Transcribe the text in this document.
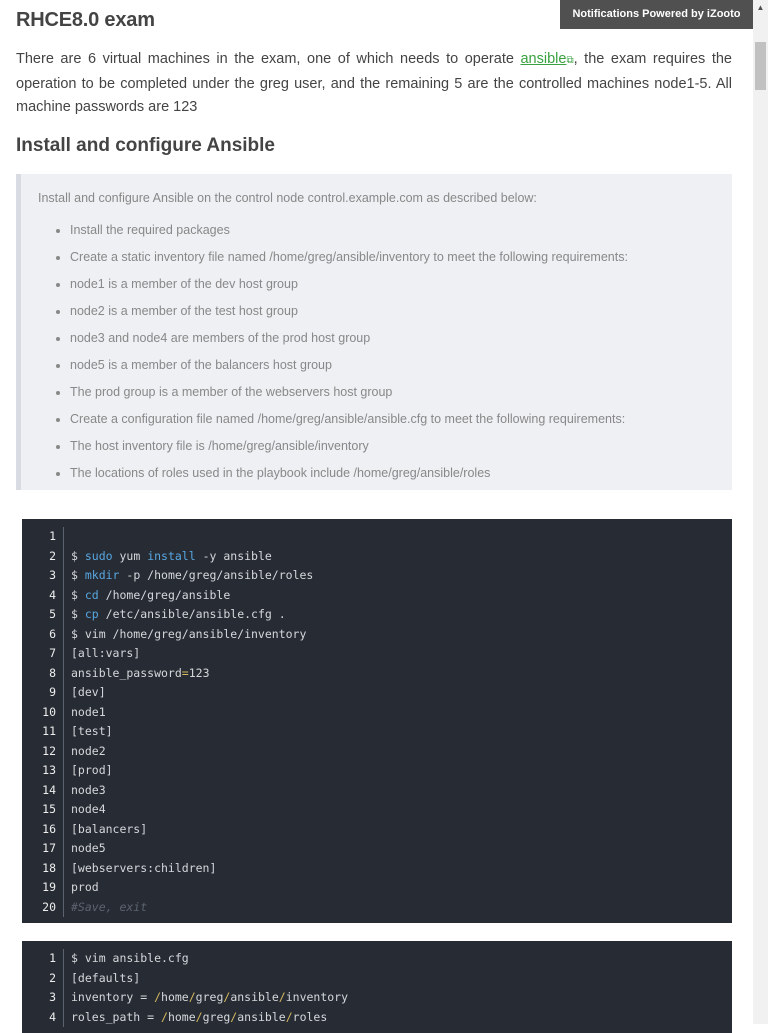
RHCE8.0 exam

There are 6 virtual machines in the exam, one of which needs to operate ansible⧉, the exam requires the operation to be completed under the greg user, and the remaining 5 are the controlled machines node1-5. All machine passwords are 123

Install and configure Ansible

Install and configure Ansible on the control node control.example.com as described below:

• Install the required packages
• Create a static inventory file named /home/greg/ansible/inventory to meet the following requirements:
• node1 is a member of the dev host group
• node2 is a member of the test host group
• node3 and node4 are members of the prod host group
• node5 is a member of the balancers host group
• The prod group is a member of the webservers host group
• Create a configuration file named /home/greg/ansible/ansible.cfg to meet the following requirements:
• The host inventory file is /home/greg/ansible/inventory
• The locations of roles used in the playbook include /home/greg/ansible/roles
1
2	$ sudo yum install -y ansible
3	$ mkdir -p /home/greg/ansible/roles
4	$ cd /home/greg/ansible
5	$ cp /etc/ansible/ansible.cfg .
6	$ vim /home/greg/ansible/inventory
7	[all:vars]
8	ansible_password=123
9	[dev]
10	node1
11	[test]
12	node2
13	[prod]
14	node3
15	node4
16	[balancers]
17	node5
18	[webservers:children]
19	prod
20	#Save, exit
1	$ vim ansible.cfg
2	[defaults]
3	inventory = /home/greg/ansible/inventory
4	roles_path = /home/greg/ansible/roles
Notifications Powered by iZooto
▲
